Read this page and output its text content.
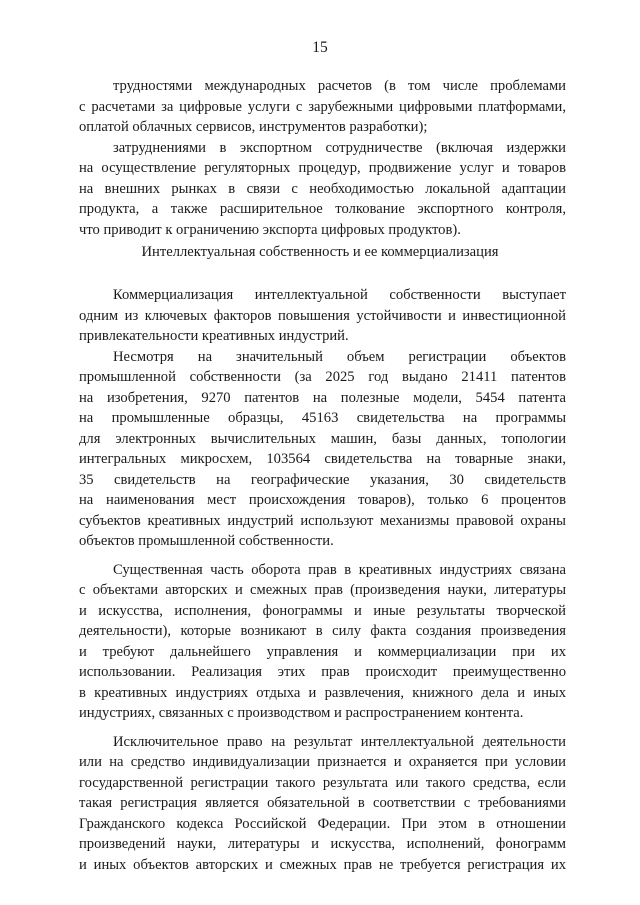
15
трудностями международных расчетов (в том числе проблемами
с расчетами за цифровые услуги с зарубежными цифровыми платформами,
оплатой облачных сервисов, инструментов разработки);
затруднениями в экспортном сотрудничестве (включая издержки
на осуществление регуляторных процедур, продвижение услуг и товаров
на внешних рынках в связи с необходимостью локальной адаптации
продукта, а также расширительное толкование экспортного контроля,
что приводит к ограничению экспорта цифровых продуктов).
Интеллектуальная собственность и ее коммерциализация
Коммерциализация интеллектуальной собственности выступает
одним из ключевых факторов повышения устойчивости и инвестиционной
привлекательности креативных индустрий.
Несмотря на значительный объем регистрации объектов
промышленной собственности (за 2025 год выдано 21411 патентов
на изобретения, 9270 патентов на полезные модели, 5454 патента
на промышленные образцы, 45163 свидетельства на программы
для электронных вычислительных машин, базы данных, топологии
интегральных микросхем, 103564 свидетельства на товарные знаки,
35 свидетельств на географические указания, 30 свидетельств
на наименования мест происхождения товаров), только 6 процентов
субъектов креативных индустрий используют механизмы правовой охраны
объектов промышленной собственности.
Существенная часть оборота прав в креативных индустриях связана
с объектами авторских и смежных прав (произведения науки, литературы
и искусства, исполнения, фонограммы и иные результаты творческой
деятельности), которые возникают в силу факта создания произведения
и требуют дальнейшего управления и коммерциализации при их
использовании. Реализация этих прав происходит преимущественно
в креативных индустриях отдыха и развлечения, книжного дела и иных
индустриях, связанных с производством и распространением контента.
Исключительное право на результат интеллектуальной деятельности
или на средство индивидуализации признается и охраняется при условии
государственной регистрации такого результата или такого средства, если
такая регистрация является обязательной в соответствии с требованиями
Гражданского кодекса Российской Федерации. При этом в отношении
произведений науки, литературы и искусства, исполнений, фонограмм
и иных объектов авторских и смежных прав не требуется регистрация их
